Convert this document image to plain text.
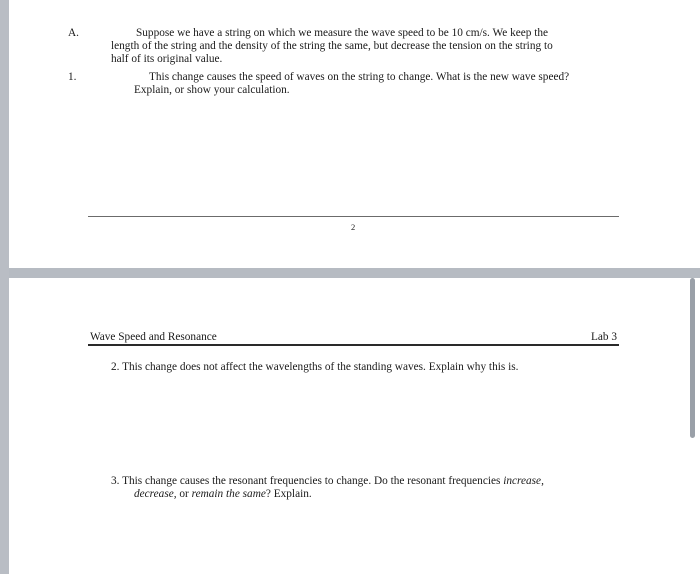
A.	Suppose we have a string on which we measure the wave speed to be 10 cm/s. We keep the
length of the string and the density of the string the same, but decrease the tension on the string to
half of its original value.
1.	This change causes the speed of waves on the string to change. What is the new wave speed?
Explain, or show your calculation.
2
Wave Speed and Resonance	Lab 3
2. This change does not affect the wavelengths of the standing waves. Explain why this is.
3. This change causes the resonant frequencies to change. Do the resonant frequencies increase,
decrease, or remain the same? Explain.
